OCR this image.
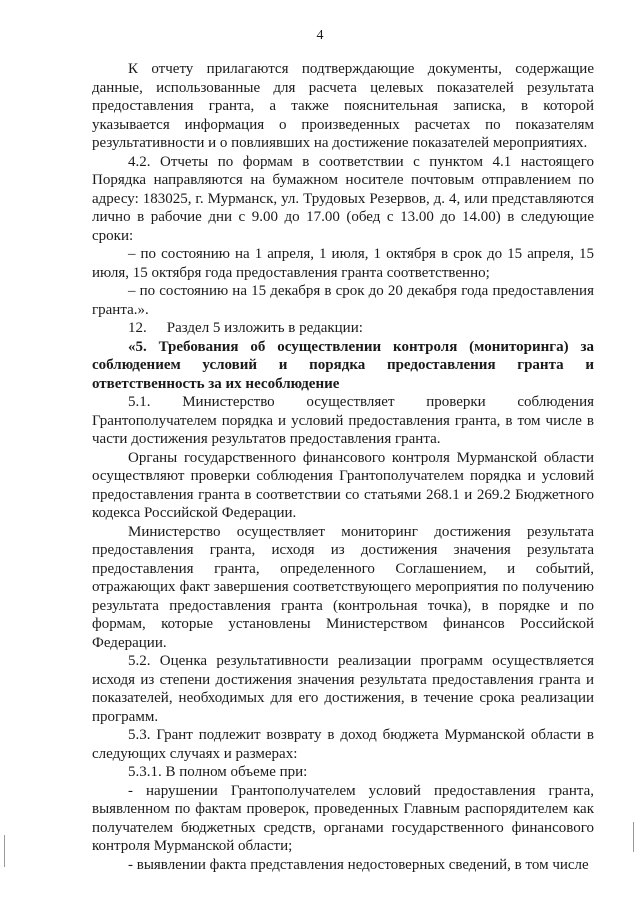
4

К отчету прилагаются подтверждающие документы, содержащие данные, использованные для расчета целевых показателей результата предоставления гранта, а также пояснительная записка, в которой указывается информация о произведенных расчетах по показателям результативности и о повлиявших на достижение показателей мероприятиях.

4.2. Отчеты по формам в соответствии с пунктом 4.1 настоящего Порядка направляются на бумажном носителе почтовым отправлением по адресу: 183025, г. Мурманск, ул. Трудовых Резервов, д. 4, или представляются лично в рабочие дни с 9.00 до 17.00 (обед с 13.00 до 14.00) в следующие сроки:

– по состоянию на 1 апреля, 1 июля, 1 октября в срок до 15 апреля, 15 июля, 15 октября года предоставления гранта соответственно;

– по состоянию на 15 декабря в срок до 20 декабря года предоставления гранта.».

12. Раздел 5 изложить в редакции:

«5. Требования об осуществлении контроля (мониторинга) за соблюдением условий и порядка предоставления гранта и ответственность за их несоблюдение

5.1. Министерство осуществляет проверки соблюдения Грантополучателем порядка и условий предоставления гранта, в том числе в части достижения результатов предоставления гранта.

Органы государственного финансового контроля Мурманской области осуществляют проверки соблюдения Грантополучателем порядка и условий предоставления гранта в соответствии со статьями 268.1 и 269.2 Бюджетного кодекса Российской Федерации.

Министерство осуществляет мониторинг достижения результата предоставления гранта, исходя из достижения значения результата предоставления гранта, определенного Соглашением, и событий, отражающих факт завершения соответствующего мероприятия по получению результата предоставления гранта (контрольная точка), в порядке и по формам, которые установлены Министерством финансов Российской Федерации.

5.2. Оценка результативности реализации программ осуществляется исходя из степени достижения значения результата предоставления гранта и показателей, необходимых для его достижения, в течение срока реализации программ.

5.3. Грант подлежит возврату в доход бюджета Мурманской области в следующих случаях и размерах:

5.3.1. В полном объеме при:

- нарушении Грантополучателем условий предоставления гранта, выявленном по фактам проверок, проведенных Главным распорядителем как получателем бюджетных средств, органами государственного финансового контроля Мурманской области;

- выявлении факта представления недостоверных сведений, в том числе
